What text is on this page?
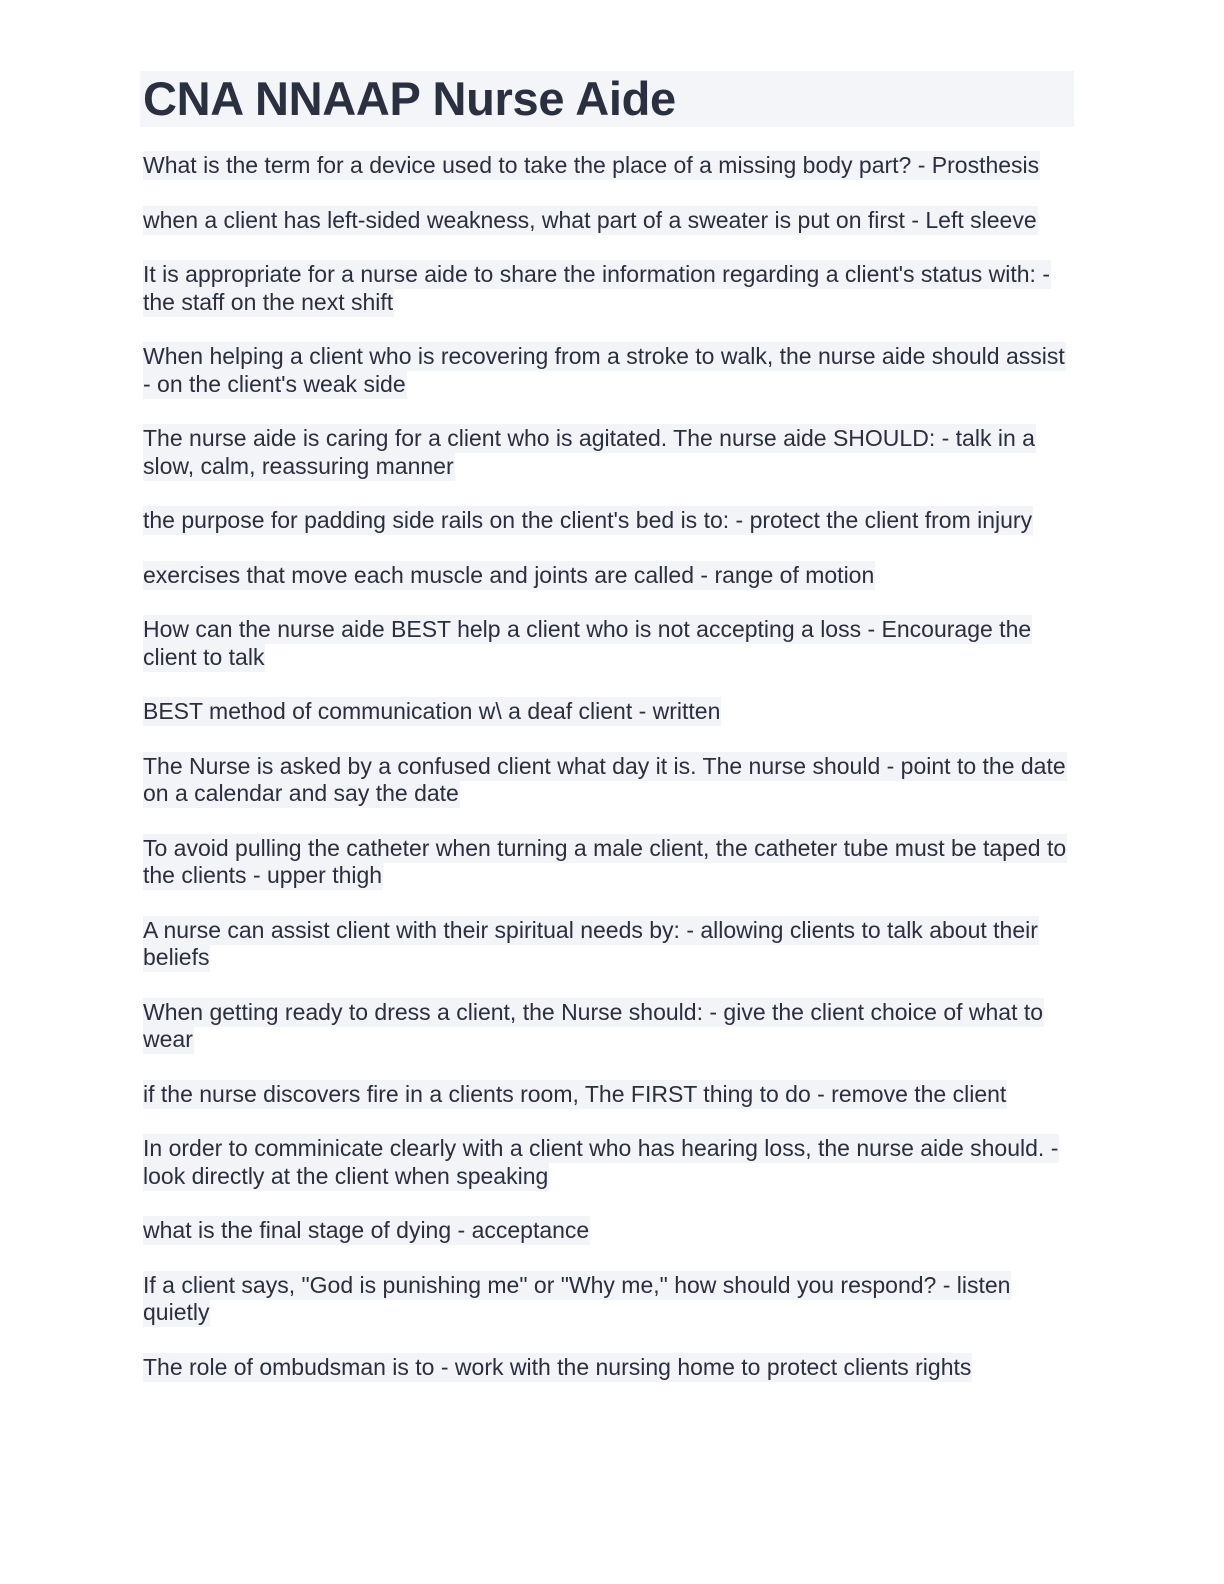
CNA NNAAP Nurse Aide

What is the term for a device used to take the place of a missing body part? - Prosthesis

when a client has left-sided weakness, what part of a sweater is put on first - Left sleeve

It is appropriate for a nurse aide to share the information regarding a client's status with: - the staff on the next shift

When helping a client who is recovering from a stroke to walk, the nurse aide should assist - on the client's weak side

The nurse aide is caring for a client who is agitated. The nurse aide SHOULD: - talk in a slow, calm, reassuring manner

the purpose for padding side rails on the client's bed is to: - protect the client from injury

exercises that move each muscle and joints are called - range of motion

How can the nurse aide BEST help a client who is not accepting a loss - Encourage the client to talk

BEST method of communication w\ a deaf client - written

The Nurse is asked by a confused client what day it is. The nurse should - point to the date on a calendar and say the date

To avoid pulling the catheter when turning a male client, the catheter tube must be taped to the clients - upper thigh

A nurse can assist client with their spiritual needs by: - allowing clients to talk about their beliefs

When getting ready to dress a client, the Nurse should: - give the client choice of what to wear

if the nurse discovers fire in a clients room, The FIRST thing to do - remove the client

In order to comminicate clearly with a client who has hearing loss, the nurse aide should. - look directly at the client when speaking

what is the final stage of dying - acceptance

If a client says, "God is punishing me" or "Why me," how should you respond? - listen quietly

The role of ombudsman is to - work with the nursing home to protect clients rights
